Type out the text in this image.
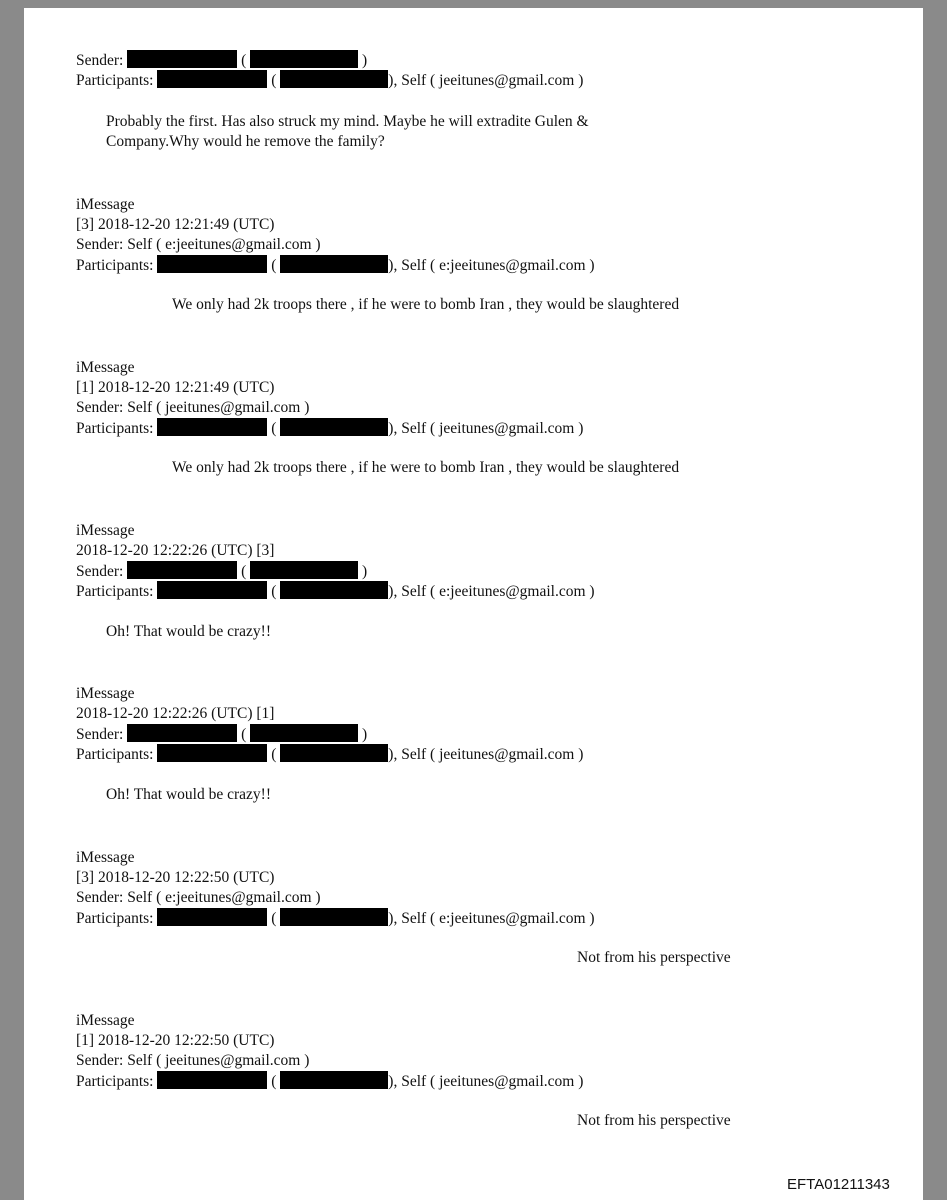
Sender:	(	)
Participants:	(	), Self ( jeeitunes@gmail.com )
Probably the first. Has also struck my mind. Maybe he will extradite Gulen &
Company.Why would he remove the family?
iMessage
[3] 2018-12-20 12:21:49 (UTC)
Sender: Self ( e:jeeitunes@gmail.com )
Participants:	(	), Self ( e:jeeitunes@gmail.com )
We only had 2k troops there , if he were to bomb Iran , they would be slaughtered
iMessage
[1] 2018-12-20 12:21:49 (UTC)
Sender: Self ( jeeitunes@gmail.com )
Participants:	(	), Self ( jeeitunes@gmail.com )
We only had 2k troops there , if he were to bomb Iran , they would be slaughtered
iMessage
2018-12-20 12:22:26 (UTC) [3]
Sender:	(	)
Participants:	(	), Self ( e:jeeitunes@gmail.com )
Oh! That would be crazy!!
iMessage
2018-12-20 12:22:26 (UTC) [1]
Sender:	(	)
Participants:	(	), Self ( jeeitunes@gmail.com )
Oh! That would be crazy!!
iMessage
[3] 2018-12-20 12:22:50 (UTC)
Sender: Self ( e:jeeitunes@gmail.com )
Participants:	(	), Self ( e:jeeitunes@gmail.com )
Not from his perspective
iMessage
[1] 2018-12-20 12:22:50 (UTC)
Sender: Self ( jeeitunes@gmail.com )
Participants:	(	), Self ( jeeitunes@gmail.com )
Not from his perspective
EFTA01211343
